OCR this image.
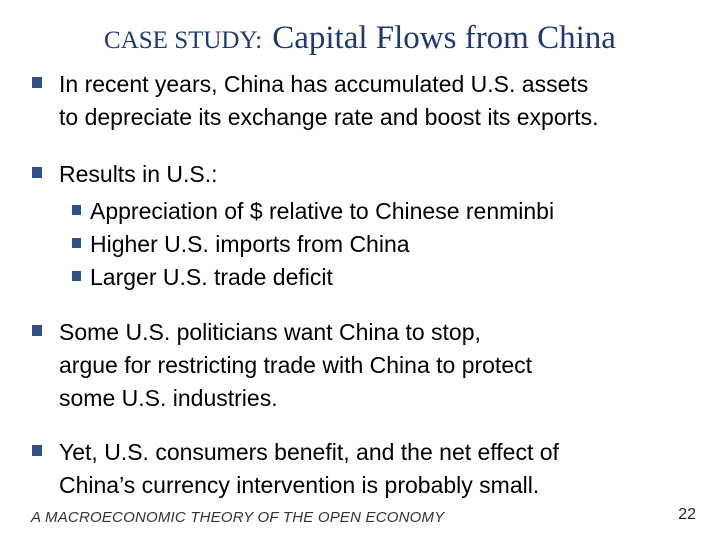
CASE STUDY: Capital Flows from China
In recent years, China has accumulated U.S. assets
to depreciate its exchange rate and boost its exports.
Results in U.S.:
Appreciation of $ relative to Chinese renminbi
Higher U.S. imports from China
Larger U.S. trade deficit
Some U.S. politicians want China to stop,
argue for restricting trade with China to protect
some U.S. industries.
Yet, U.S. consumers benefit, and the net effect of
China’s currency intervention is probably small.
A MACROECONOMIC THEORY OF THE OPEN ECONOMY	22
